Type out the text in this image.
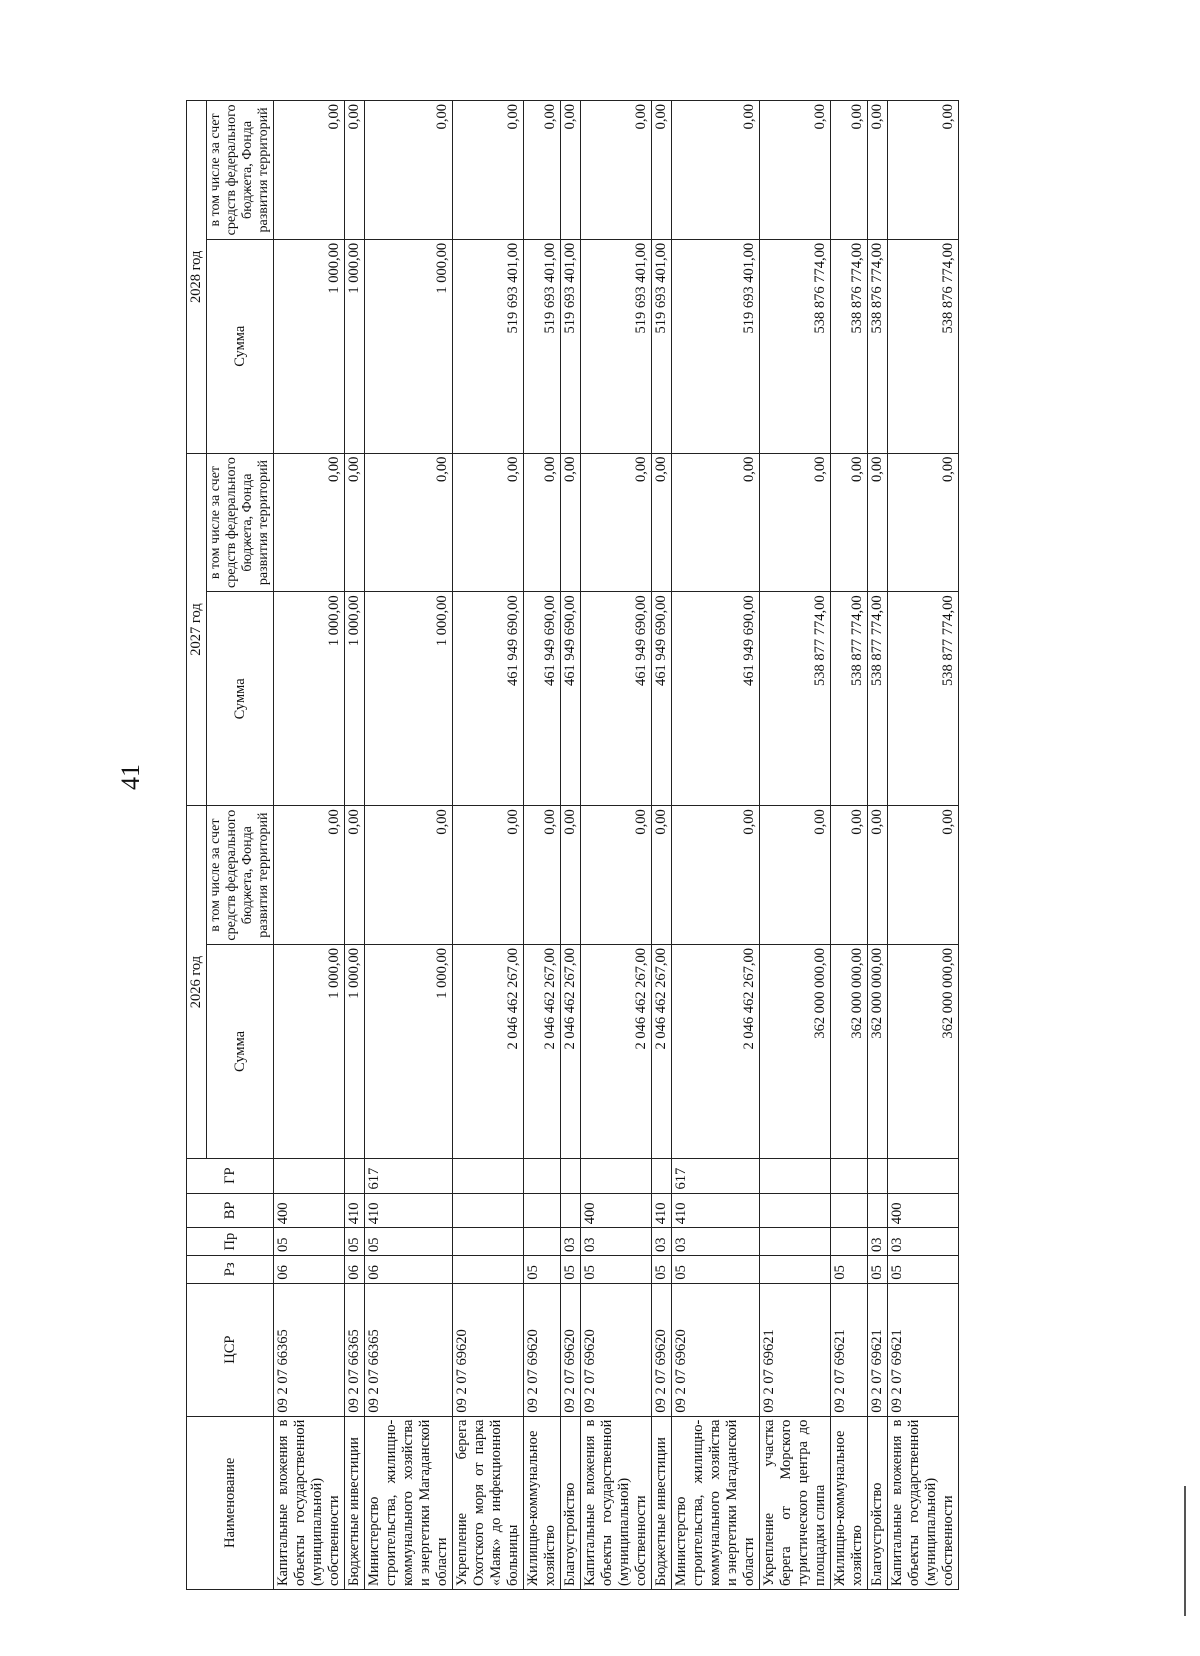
41
Наименование	ЦСР	Рз	Пр	ВР	ГР	2026 год		2027 год		2028 год	
						Сумма	в том числе за счет средств федерального бюджета, Фонда развития территорий	Сумма	в том числе за счет средств федерального бюджета, Фонда развития территорий	Сумма	в том числе за счет средств федерального бюджета, Фонда развития территорий
Капитальные вложения в объекты государственной (муниципальной) собственности	09 2 07 66365	06	05	400		1 000,00	0,00	1 000,00	0,00	1 000,00	0,00
Бюджетные инвестиции	09 2 07 66365	06	05	410		1 000,00	0,00	1 000,00	0,00	1 000,00	0,00
Министерство строительства, жилищно-коммунального хозяйства и энергетики Магаданской области	09 2 07 66365	06	05	410	617	1 000,00	0,00	1 000,00	0,00	1 000,00	0,00
Укрепление берега Охотского моря от парка «Маяк» до инфекционной больницы	09 2 07 69620					2 046 462 267,00	0,00	461 949 690,00	0,00	519 693 401,00	0,00
Жилищно-коммунальное хозяйство	09 2 07 69620	05				2 046 462 267,00	0,00	461 949 690,00	0,00	519 693 401,00	0,00
Благоустройство	09 2 07 69620	05	03			2 046 462 267,00	0,00	461 949 690,00	0,00	519 693 401,00	0,00
Капитальные вложения в объекты государственной (муниципальной) собственности	09 2 07 69620	05	03	400		2 046 462 267,00	0,00	461 949 690,00	0,00	519 693 401,00	0,00
Бюджетные инвестиции	09 2 07 69620	05	03	410		2 046 462 267,00	0,00	461 949 690,00	0,00	519 693 401,00	0,00
Министерство строительства, жилищно-коммунального хозяйства и энергетики Магаданской области	09 2 07 69620	05	03	410	617	2 046 462 267,00	0,00	461 949 690,00	0,00	519 693 401,00	0,00
Укрепление участка берега от Морского туристического центра до площадки слипа	09 2 07 69621					362 000 000,00	0,00	538 877 774,00	0,00	538 876 774,00	0,00
Жилищно-коммунальное хозяйство	09 2 07 69621	05				362 000 000,00	0,00	538 877 774,00	0,00	538 876 774,00	0,00
Благоустройство	09 2 07 69621	05	03			362 000 000,00	0,00	538 877 774,00	0,00	538 876 774,00	0,00
Капитальные вложения в объекты государственной (муниципальной) собственности	09 2 07 69621	05	03	400		362 000 000,00	0,00	538 877 774,00	0,00	538 876 774,00	0,00
